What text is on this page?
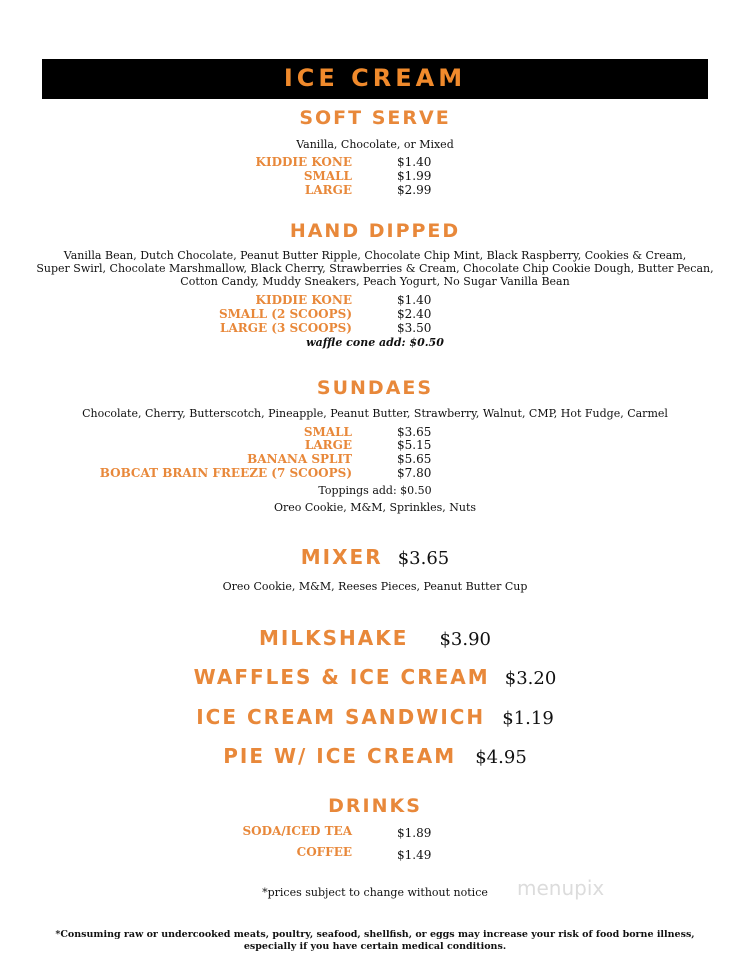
ICE CREAM
SOFT SERVE
Vanilla, Chocolate, or Mixed
KIDDIE KONE	$1.40
SMALL	$1.99
LARGE	$2.99
HAND DIPPED
Vanilla Bean, Dutch Chocolate, Peanut Butter Ripple, Chocolate Chip Mint, Black Raspberry, Cookies & Cream,
Super Swirl, Chocolate Marshmallow, Black Cherry, Strawberries & Cream, Chocolate Chip Cookie Dough, Butter Pecan,
Cotton Candy, Muddy Sneakers, Peach Yogurt, No Sugar Vanilla Bean
KIDDIE KONE	$1.40
SMALL (2 SCOOPS)	$2.40
LARGE (3 SCOOPS)	$3.50
waffle cone add: $0.50
SUNDAES
Chocolate, Cherry, Butterscotch, Pineapple, Peanut Butter, Strawberry, Walnut, CMP, Hot Fudge, Carmel
SMALL	$3.65
LARGE	$5.15
BANANA SPLIT	$5.65
BOBCAT BRAIN FREEZE (7 SCOOPS)	$7.80
Toppings add: $0.50
Oreo Cookie, M&M, Sprinkles, Nuts
MIXER $3.65
Oreo Cookie, M&M, Reeses Pieces, Peanut Butter Cup
MILKSHAKE $3.90
WAFFLES & ICE CREAM $3.20
ICE CREAM SANDWICH $1.19
PIE W/ ICE CREAM $4.95
DRINKS
SODA/ICED TEA	$1.89
COFFEE	$1.49
menupix
*prices subject to change without notice
*Consuming raw or undercooked meats, poultry, seafood, shellfish, or eggs may increase your risk of food borne illness,
especially if you have certain medical conditions.
